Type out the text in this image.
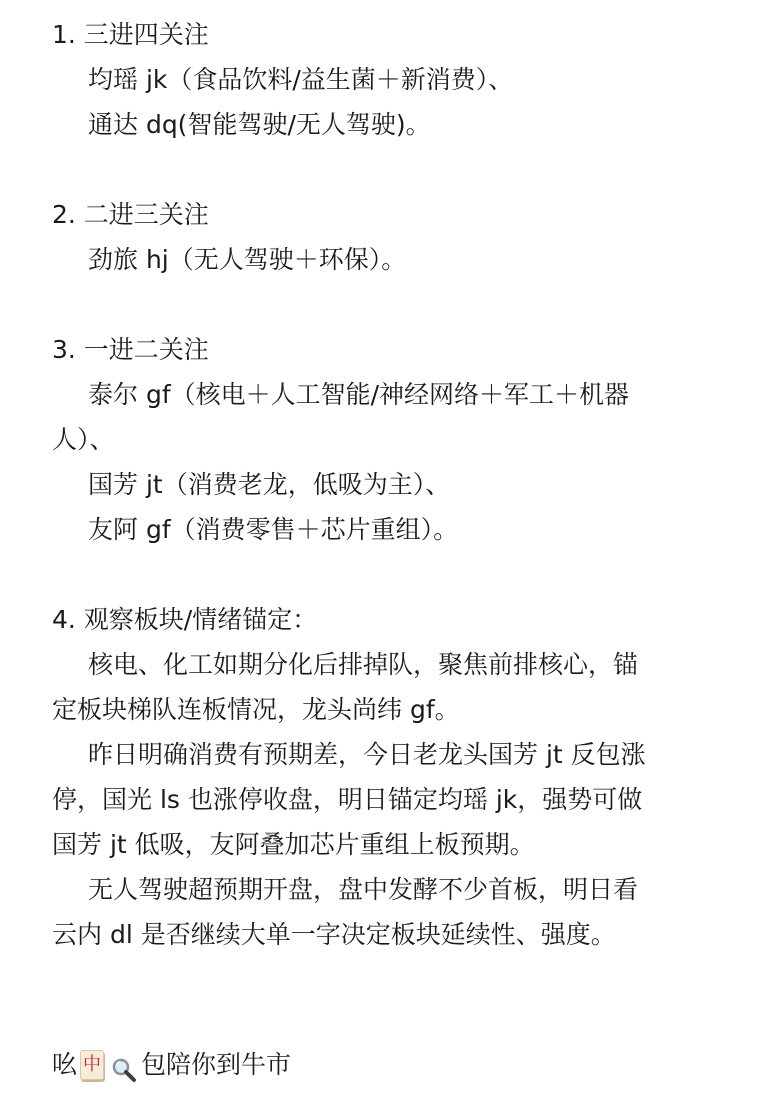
1. 三进四关注
均瑶 jk（食品饮料/益生菌＋新消费）、
通达 dq(智能驾驶/无人驾驶)。
2. 二进三关注
劲旅 hj（无人驾驶＋环保）。
3. 一进二关注
泰尔 gf（核电＋人工智能/神经网络＋军工＋机器
人）、
国芳 jt（消费老龙，低吸为主）、
友阿 gf（消费零售＋芯片重组）。
4. 观察板块/情绪锚定：
核电、化工如期分化后排掉队，聚焦前排核心，锚
定板块梯队连板情况，龙头尚纬 gf。
昨日明确消费有预期差，今日老龙头国芳 jt 反包涨
停，国光 ls 也涨停收盘，明日锚定均瑶 jk，强势可做
国芳 jt 低吸，友阿叠加芯片重组上板预期。
无人驾驶超预期开盘，盘中发酵不少首板，明日看
云内 dl 是否继续大单一字决定板块延续性、强度。
吆 中 包陪你到牛市
